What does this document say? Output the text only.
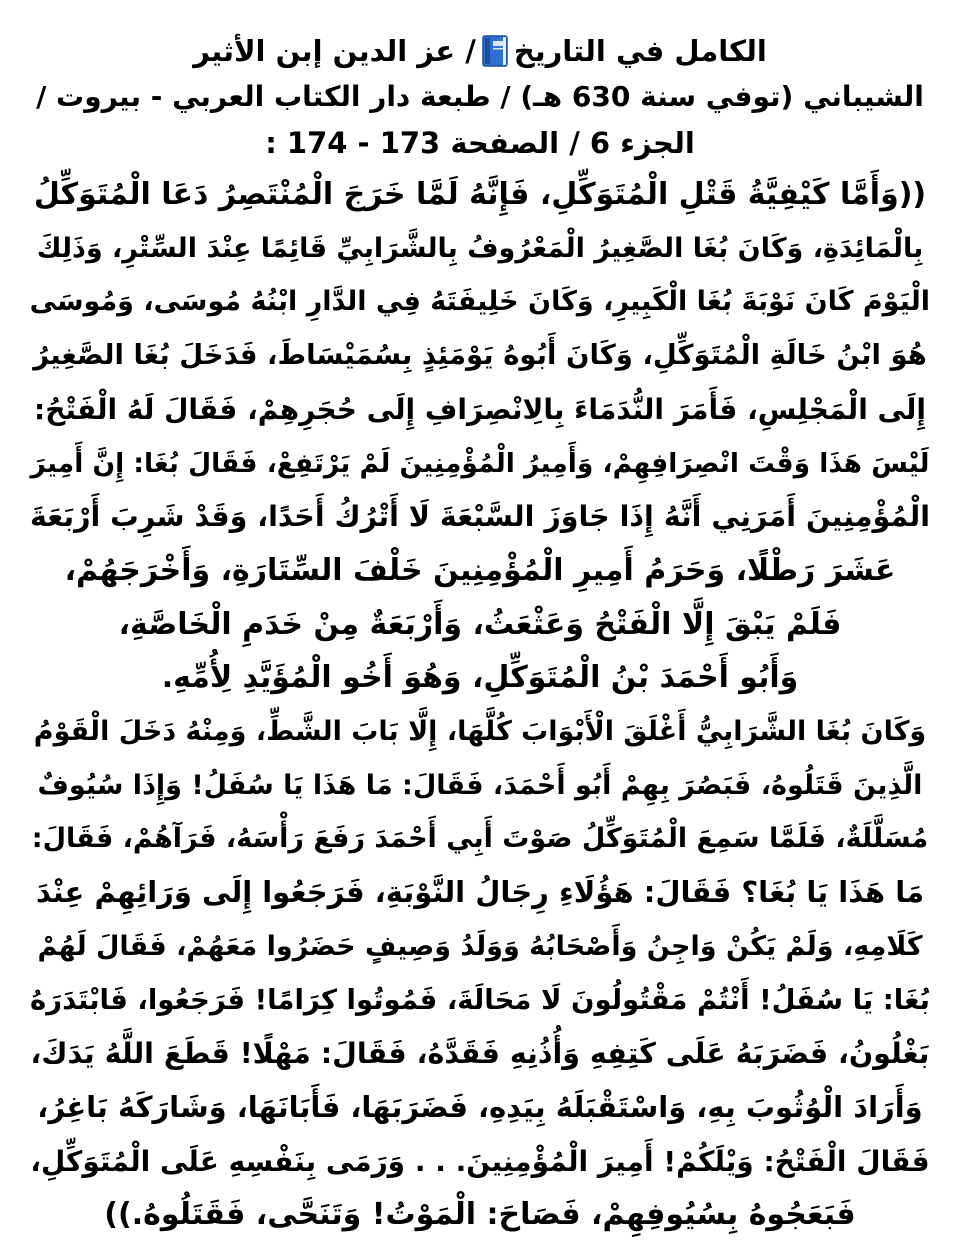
الكامل في التاريخ/ عز الدين إبن الأثير
الشيباني (توفي سنة 630 هـ) / طبعة دار الكتاب العربي - بيروت /
الجزء 6 / الصفحة 173 - 174 :
((وَأَمَّا كَيْفِيَّةُ قَتْلِ الْمُتَوَكِّلِ، فَإِنَّهُ لَمَّا خَرَجَ الْمُنْتَصِرُ دَعَا الْمُتَوَكِّلُ
بِالْمَائِدَةِ، وَكَانَ بُغَا الصَّغِيرُ الْمَعْرُوفُ بِالشَّرَابِيِّ قَائِمًا عِنْدَ السِّتْرِ، وَذَلِكَ
الْيَوْمَ كَانَ نَوْبَةَ بُغَا الْكَبِيرِ، وَكَانَ خَلِيفَتَهُ فِي الدَّارِ ابْنُهُ مُوسَى، وَمُوسَى
هُوَ ابْنُ خَالَةِ الْمُتَوَكِّلِ، وَكَانَ أَبُوهُ يَوْمَئِذٍ بِسُمَيْسَاطَ، فَدَخَلَ بُغَا الصَّغِيرُ
إِلَى الْمَجْلِسِ، فَأَمَرَ النُّدَمَاءَ بِالِانْصِرَافِ إِلَى حُجَرِهِمْ، فَقَالَ لَهُ الْفَتْحُ:
لَيْسَ هَذَا وَقْتَ انْصِرَافِهِمْ، وَأَمِيرُ الْمُؤْمِنِينَ لَمْ يَرْتَفِعْ، فَقَالَ بُغَا: إِنَّ أَمِيرَ
الْمُؤْمِنِينَ أَمَرَنِي أَنَّهُ إِذَا جَاوَزَ السَّبْعَةَ لَا أَتْرُكُ أَحَدًا، وَقَدْ شَرِبَ أَرْبَعَةَ
عَشَرَ رَطْلًا، وَحَرَمُ أَمِيرِ الْمُؤْمِنِينَ خَلْفَ السِّتَارَةِ، وَأَخْرَجَهُمْ،
فَلَمْ يَبْقَ إِلَّا الْفَتْحُ وَعَثْعَثُ، وَأَرْبَعَةٌ مِنْ خَدَمِ الْخَاصَّةِ،
وَأَبُو أَحْمَدَ بْنُ الْمُتَوَكِّلِ، وَهُوَ أَخُو الْمُؤَيَّدِ لِأُمِّهِ.
وَكَانَ بُغَا الشَّرَابِيُّ أَغْلَقَ الْأَبْوَابَ كُلَّهَا، إِلَّا بَابَ الشَّطِّ، وَمِنْهُ دَخَلَ الْقَوْمُ
الَّذِينَ قَتَلُوهُ، فَبَصُرَ بِهِمْ أَبُو أَحْمَدَ، فَقَالَ: مَا هَذَا يَا سُفَلُ! وَإِذَا سُيُوفٌ
مُسَلَّلَةٌ، فَلَمَّا سَمِعَ الْمُتَوَكِّلُ صَوْتَ أَبِي أَحْمَدَ رَفَعَ رَأْسَهُ، فَرَآهُمْ، فَقَالَ:
مَا هَذَا يَا بُغَا؟ فَقَالَ: هَؤُلَاءِ رِجَالُ النَّوْبَةِ، فَرَجَعُوا إِلَى وَرَائِهِمْ عِنْدَ
كَلَامِهِ، وَلَمْ يَكُنْ وَاجِنُ وَأَصْحَابُهُ وَوَلَدُ وَصِيفٍ حَضَرُوا مَعَهُمْ، فَقَالَ لَهُمْ
بُغَا: يَا سُفَلُ! أَنْتُمْ مَقْتُولُونَ لَا مَحَالَةَ، فَمُوتُوا كِرَامًا! فَرَجَعُوا، فَابْتَدَرَهُ
بَغْلُونُ، فَضَرَبَهُ عَلَى كَتِفِهِ وَأُذُنِهِ فَقَدَّهُ، فَقَالَ: مَهْلًا! قَطَعَ اللَّهُ يَدَكَ،
وَأَرَادَ الْوُثُوبَ بِهِ، وَاسْتَقْبَلَهُ بِيَدِهِ، فَضَرَبَهَا، فَأَبَانَهَا، وَشَارَكَهُ بَاغِرُ،
فَقَالَ الْفَتْحُ: وَيْلَكُمْ! أَمِيرَ الْمُؤْمِنِينَ. . . وَرَمَى بِنَفْسِهِ عَلَى الْمُتَوَكِّلِ،
فَبَعَجُوهُ بِسُيُوفِهِمْ، فَصَاحَ: الْمَوْتُ! وَتَنَحَّى، فَقَتَلُوهُ.))
